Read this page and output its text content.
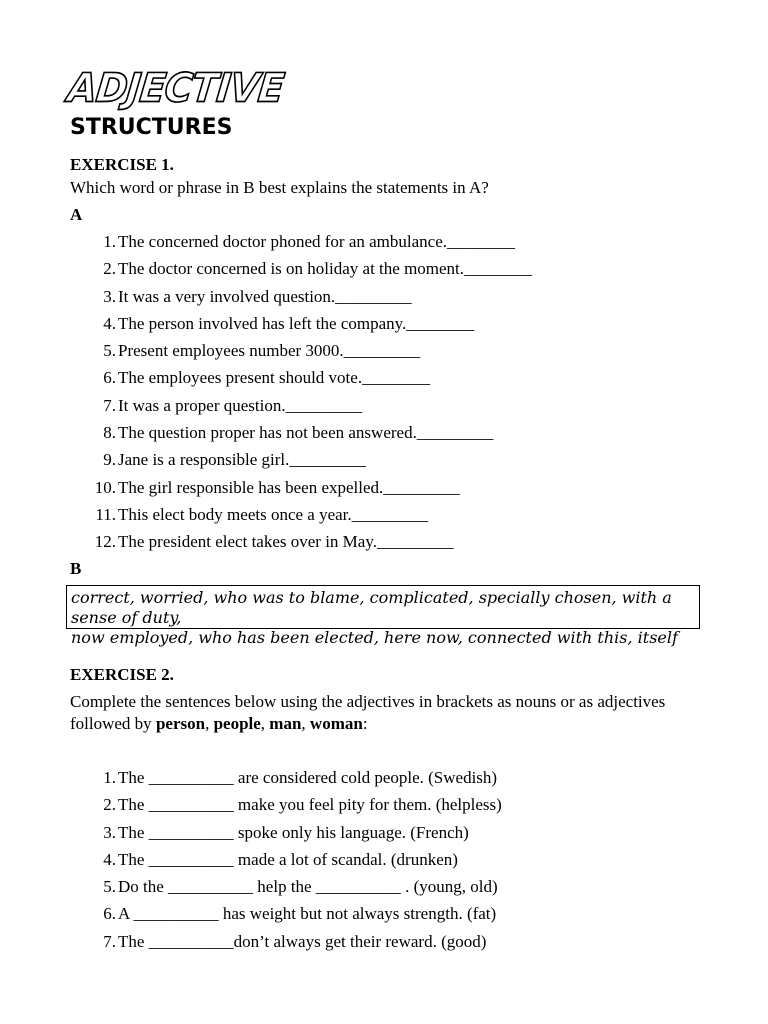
ADJECTIVE
STRUCTURES
EXERCISE 1.
Which word or phrase in B best explains the statements in A?
A
1. The concerned doctor phoned for an ambulance.________
2. The doctor concerned is on holiday at the moment.________
3. It was a very involved question._________
4. The person involved has left the company.________
5. Present employees number 3000._________
6. The employees present should vote.________
7. It was a proper question._________
8. The question proper has not been answered._________
9. Jane is a responsible girl._________
10. The girl responsible has been expelled._________
11. This elect body meets once a year._________
12. The president elect takes over in May._________
B
correct, worried, who was to blame, complicated, specially chosen, with a sense of duty,
now employed, who has been elected, here now, connected with this, itself
EXERCISE 2.
Complete the sentences below using the adjectives in brackets as nouns or as adjectives
followed by person, people, man, woman:
1. The __________ are considered cold people. (Swedish)
2. The __________ make you feel pity for them. (helpless)
3. The __________ spoke only his language. (French)
4. The __________ made a lot of scandal. (drunken)
5. Do the __________ help the __________ . (young, old)
6. A __________ has weight but not always strength. (fat)
7. The __________don’t always get their reward. (good)
